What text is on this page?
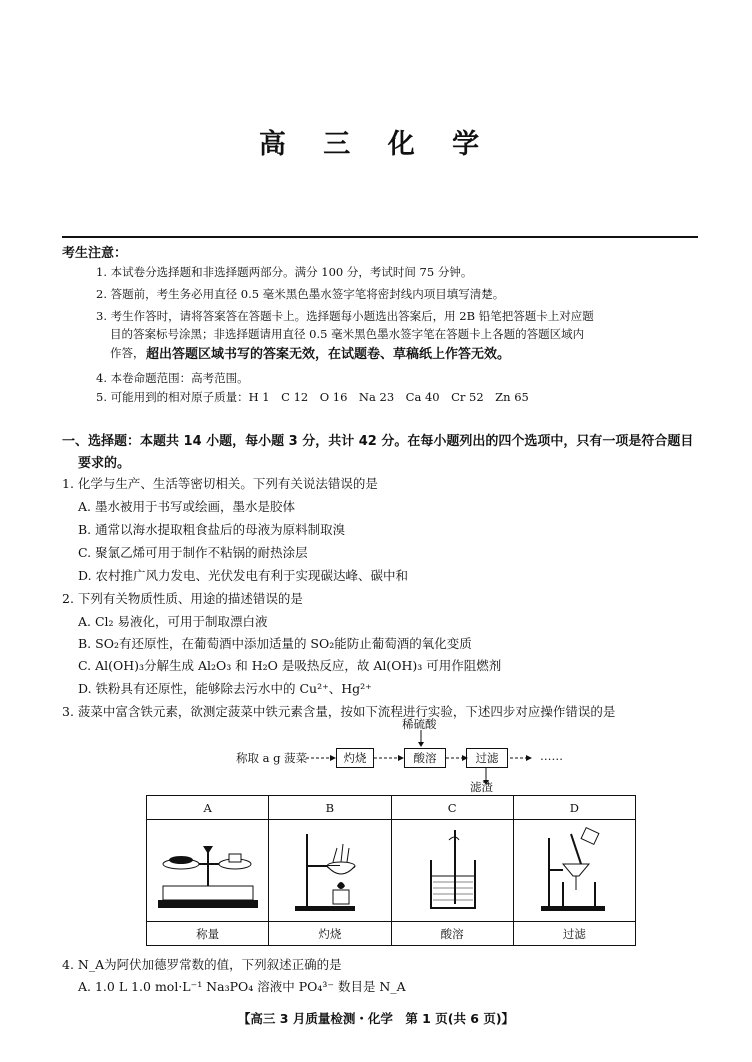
高 三 化 学
考生注意：
1. 本试卷分选择题和非选择题两部分。满分 100 分，考试时间 75 分钟。
2. 答题前，考生务必用直径 0.5 毫米黑色墨水签字笔将密封线内项目填写清楚。
3. 考生作答时，请将答案答在答题卡上。选择题每小题选出答案后，用 2B 铅笔把答题卡上对应题
目的答案标号涂黑；非选择题请用直径 0.5 毫米黑色墨水签字笔在答题卡上各题的答题区域内
作答， 超出答题区域书写的答案无效，在试题卷、草稿纸上作答无效。
4. 本卷命题范围：高考范围。
5. 可能用到的相对原子质量：H 1　C 12　O 16　Na 23　Ca 40　Cr 52　Zn 65
一、选择题：本题共 14 小题，每小题 3 分，共计 42 分。在每小题列出的四个选项中，只有一项是符合题目
要求的。
1. 化学与生产、生活等密切相关。下列有关说法错误的是
A. 墨水被用于书写或绘画，墨水是胶体
B. 通常以海水提取粗食盐后的母液为原料制取溴
C. 聚氯乙烯可用于制作不粘锅的耐热涂层
D. 农村推广风力发电、光伏发电有利于实现碳达峰、碳中和
2. 下列有关物质性质、用途的描述错误的是
A. Cl₂ 易液化，可用于制取漂白液
B. SO₂有还原性，在葡萄酒中添加适量的 SO₂能防止葡萄酒的氧化变质
C. Al(OH)₃分解生成 Al₂O₃ 和 H₂O 是吸热反应，故 Al(OH)₃ 可用作阻燃剂
D. 铁粉具有还原性，能够除去污水中的 Cu²⁺、Hg²⁺
3. 菠菜中富含铁元素，欲测定菠菜中铁元素含量，按如下流程进行实验，下述四步对应操作错误的是
称取 a g 菠菜	灼烧	酸溶	过滤
稀硫酸
滤渣
……
A	B	C	D

称量	灼烧	酸溶	过滤
4. N_A为阿伏加德罗常数的值，下列叙述正确的是
A. 1.0 L 1.0 mol·L⁻¹ Na₃PO₄ 溶液中 PO₄³⁻ 数目是 N_A
【高三 3 月质量检测・化学　第 1 页(共 6 页)】
